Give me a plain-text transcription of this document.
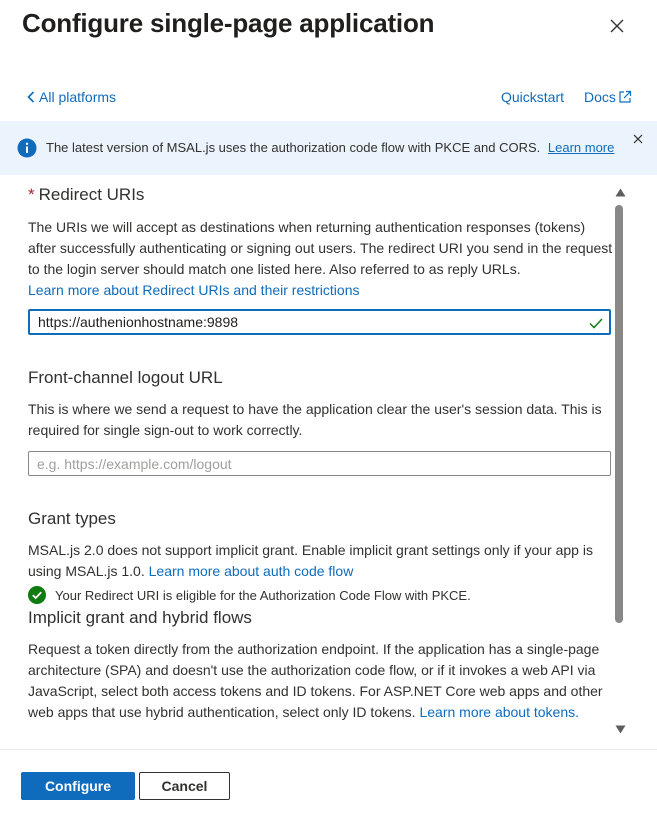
Configure single-page application
All platforms	Quickstart Docs
The latest version of MSAL.js uses the authorization code flow with PKCE and CORS. Learn more
* Redirect URIs
The URIs we will accept as destinations when returning authentication responses (tokens) after successfully authenticating or signing out users. The redirect URI you send in the request to the login server should match one listed here. Also referred to as reply URLs.
Learn more about Redirect URIs and their restrictions
https://authenionhostname:9898
Front-channel logout URL
This is where we send a request to have the application clear the user's session data. This is required for single sign-out to work correctly.
e.g. https://example.com/logout
Grant types
MSAL.js 2.0 does not support implicit grant. Enable implicit grant settings only if your app is using MSAL.js 1.0. Learn more about auth code flow
Your Redirect URI is eligible for the Authorization Code Flow with PKCE.
Implicit grant and hybrid flows
Request a token directly from the authorization endpoint. If the application has a single-page architecture (SPA) and doesn't use the authorization code flow, or if it invokes a web API via JavaScript, select both access tokens and ID tokens. For ASP.NET Core web apps and other web apps that use hybrid authentication, select only ID tokens. Learn more about tokens.
Configure	Cancel
